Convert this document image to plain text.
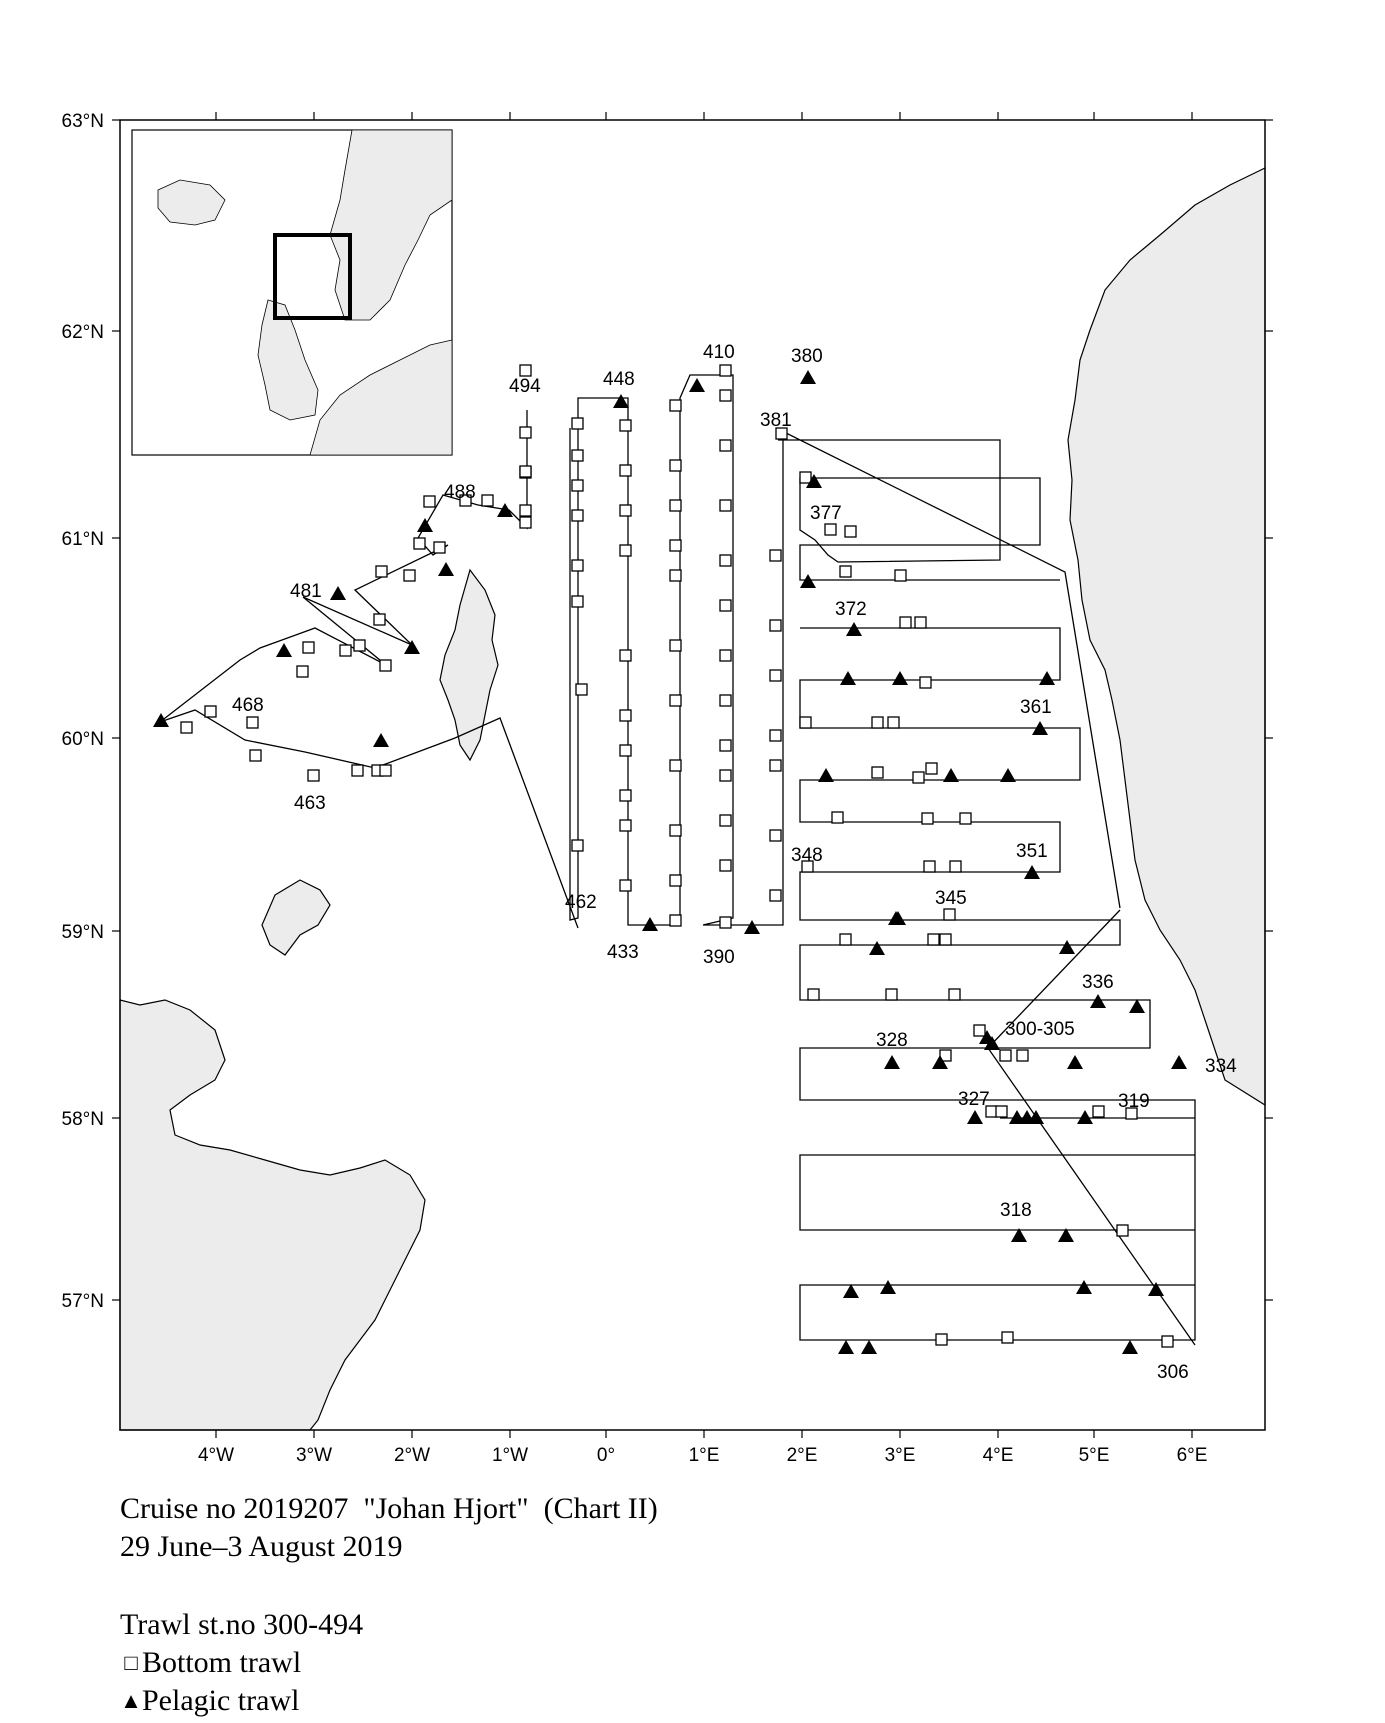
63°N
62°N
61°N
60°N
59°N
58°N
57°N
4°W	3°W	2°W	1°W	0°	1°E	2°E	3°E	4°E	5°E	6°E
494	448
410	380
381
488
377
481
372
468	361
463
462
433	390
348	351
345
336
300-305
328
334
327	319
318
306
Cruise no 2019207  "Johan Hjort"  (Chart II)
29 June–3 August 2019
Trawl st.no 300-494
□ Bottom trawl
▲ Pelagic trawl
